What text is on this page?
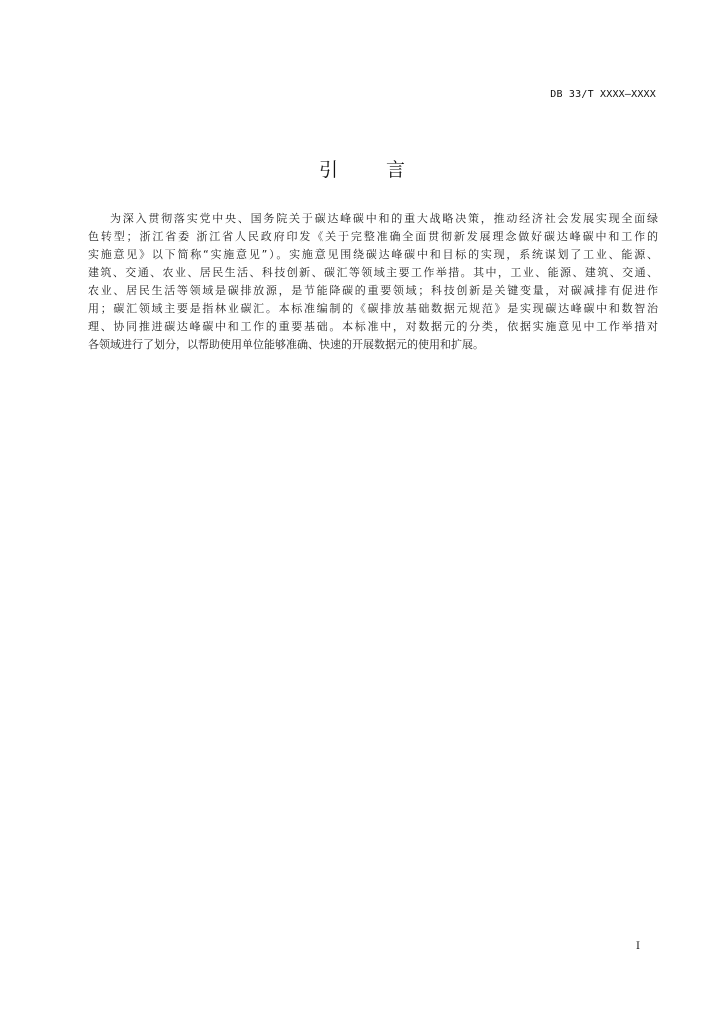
DB 33/T XXXX—XXXX
引言
为深入贯彻落实党中央、国务院关于碳达峰碳中和的重大战略决策，推动经济社会发展实现全面绿
色转型；浙江省委 浙江省人民政府印发《关于完整准确全面贯彻新发展理念做好碳达峰碳中和工作的
实施意见》以下简称“实施意见”）。实施意见围绕碳达峰碳中和目标的实现，系统谋划了工业、能源、
建筑、交通、农业、居民生活、科技创新、碳汇等领域主要工作举措。其中，工业、能源、建筑、交通、
农业、居民生活等领域是碳排放源，是节能降碳的重要领域；科技创新是关键变量，对碳减排有促进作
用；碳汇领域主要是指林业碳汇。本标准编制的《碳排放基础数据元规范》是实现碳达峰碳中和数智治
理、协同推进碳达峰碳中和工作的重要基础。本标准中，对数据元的分类，依据实施意见中工作举措对
各领域进行了划分，以帮助使用单位能够准确、快速的开展数据元的使用和扩展。
I
